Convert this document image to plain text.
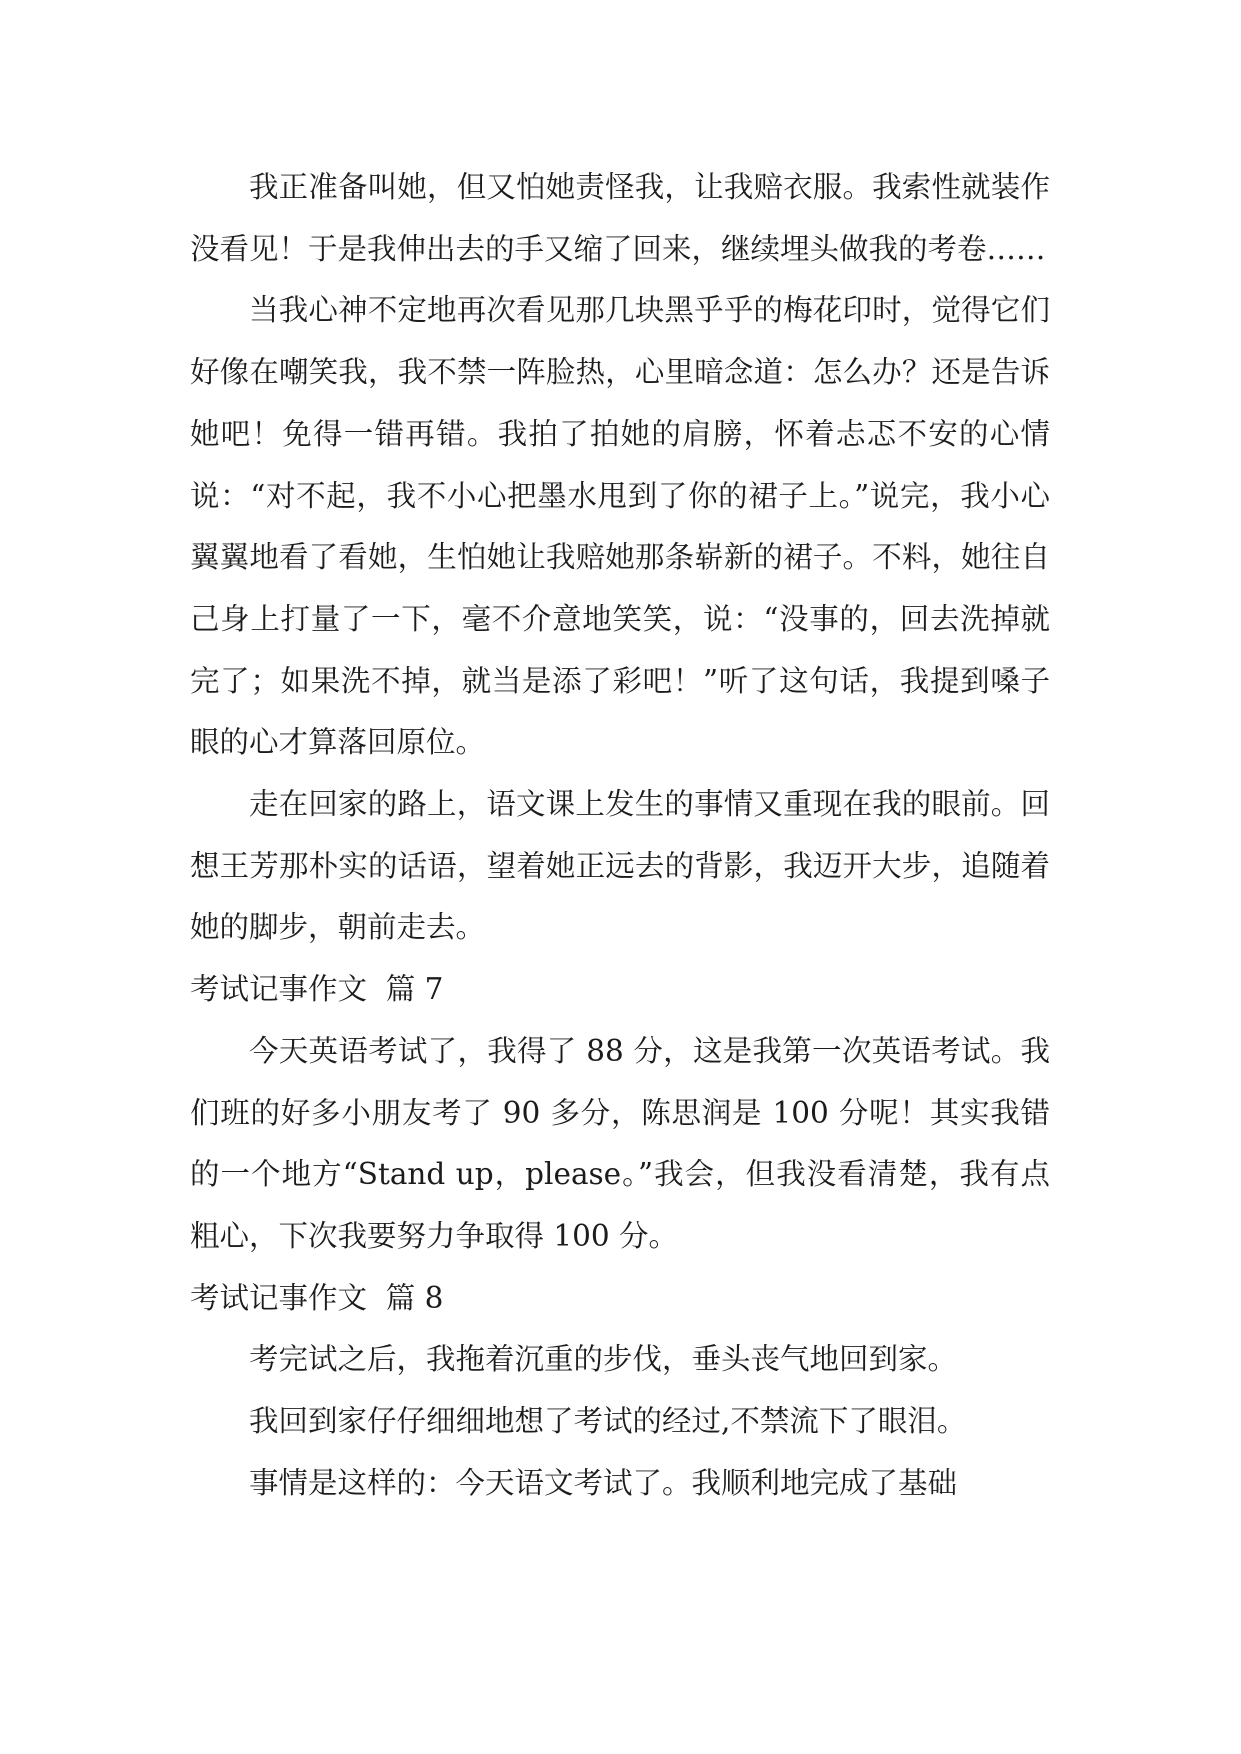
我正准备叫她，但又怕她责怪我，让我赔衣服。我索性就装作没看见！于是我伸出去的手又缩了回来，继续埋头做我的考卷……

当我心神不定地再次看见那几块黑乎乎的梅花印时，觉得它们好像在嘲笑我，我不禁一阵脸热，心里暗念道：怎么办？还是告诉她吧！免得一错再错。我拍了拍她的肩膀，怀着忐忑不安的心情说：“对不起，我不小心把墨水甩到了你的裙子上。”说完，我小心翼翼地看了看她，生怕她让我赔她那条崭新的裙子。不料，她往自己身上打量了一下，毫不介意地笑笑，说：“没事的，回去洗掉就完了；如果洗不掉，就当是添了彩吧！”听了这句话，我提到嗓子眼的心才算落回原位。

走在回家的路上，语文课上发生的事情又重现在我的眼前。回想王芳那朴实的话语，望着她正远去的背影，我迈开大步，追随着她的脚步，朝前走去。

考试记事作文  篇 7

今天英语考试了，我得了 88 分，这是我第一次英语考试。我们班的好多小朋友考了 90 多分，陈思润是 100 分呢！其实我错的一个地方“Stand up，please。”我会，但我没看清楚，我有点粗心，下次我要努力争取得 100 分。

考试记事作文  篇 8

考完试之后，我拖着沉重的步伐，垂头丧气地回到家。

我回到家仔仔细细地想了考试的经过,不禁流下了眼泪。

事情是这样的：今天语文考试了。我顺利地完成了基础
